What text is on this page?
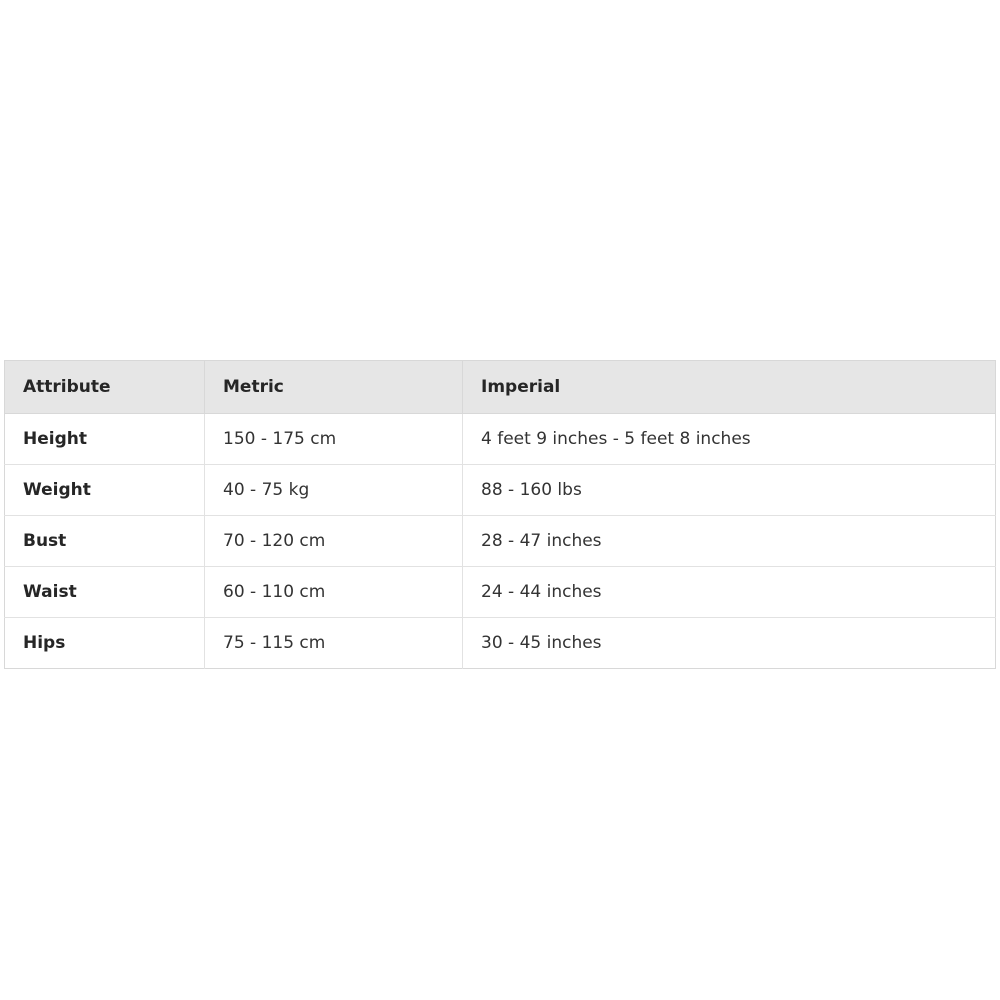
Attribute	Metric	Imperial
Height	150 - 175 cm	4 feet 9 inches - 5 feet 8 inches
Weight	40 - 75 kg	88 - 160 lbs
Bust	70 - 120 cm	28 - 47 inches
Waist	60 - 110 cm	24 - 44 inches
Hips	75 - 115 cm	30 - 45 inches
